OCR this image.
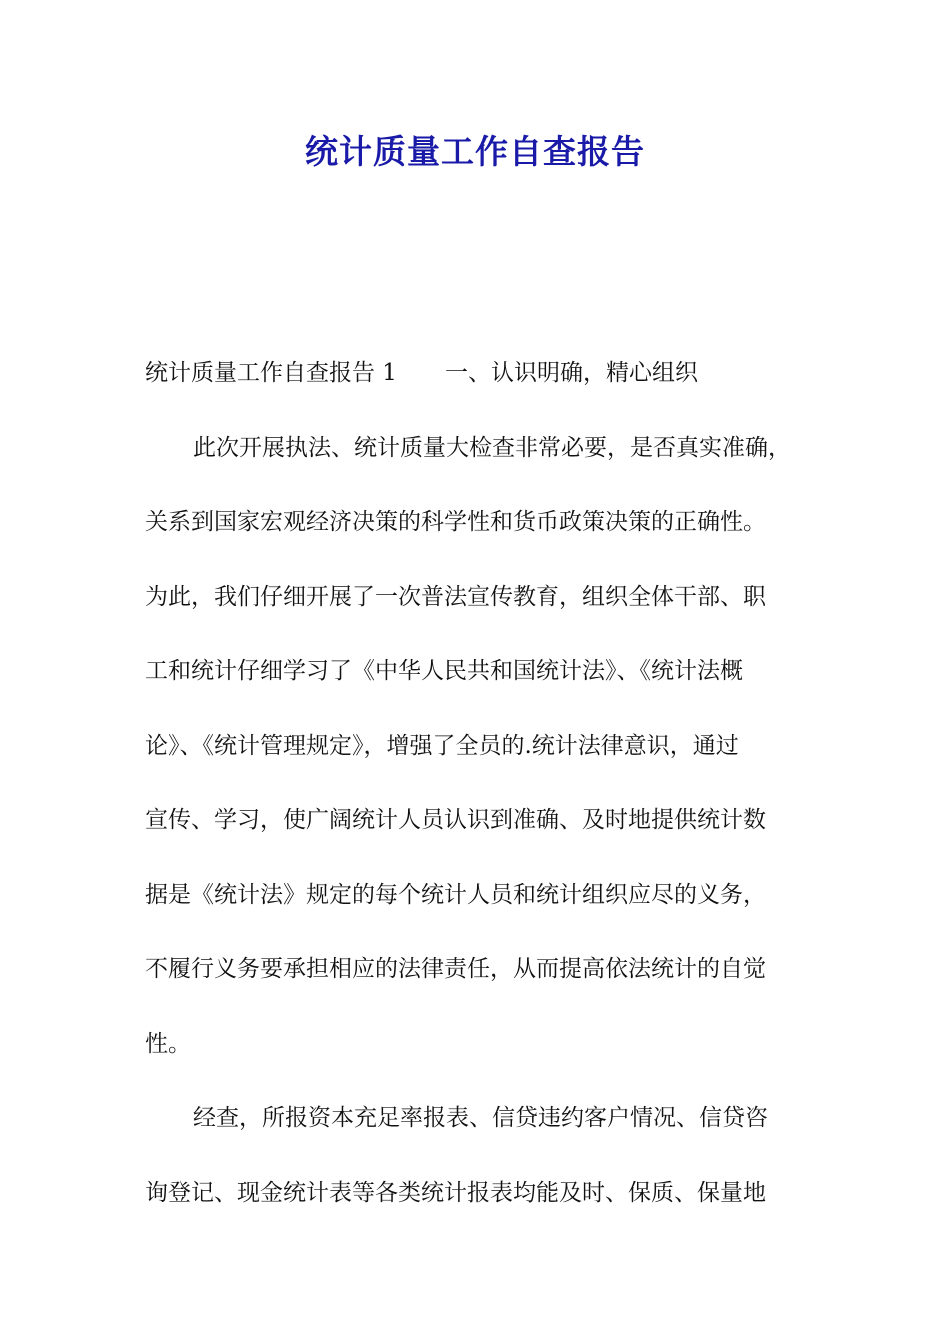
统计质量工作自查报告
统计质量工作自查报告 1 一、认识明确，精心组织
此次开展执法、统计质量大检查非常必要，是否真实准确，
关系到国家宏观经济决策的科学性和货币政策决策的正确性。
为此，我们仔细开展了一次普法宣传教育，组织全体干部、职
工和统计仔细学习了《中华人民共和国统计法》、《统计法概
论》、《统计管理规定》，增强了全员的.统计法律意识，通过
宣传、学习，使广阔统计人员认识到准确、及时地提供统计数
据是《统计法》规定的每个统计人员和统计组织应尽的义务，
不履行义务要承担相应的法律责任，从而提高依法统计的自觉
性。
经查，所报资本充足率报表、信贷违约客户情况、信贷咨
询登记、现金统计表等各类统计报表均能及时、保质、保量地
